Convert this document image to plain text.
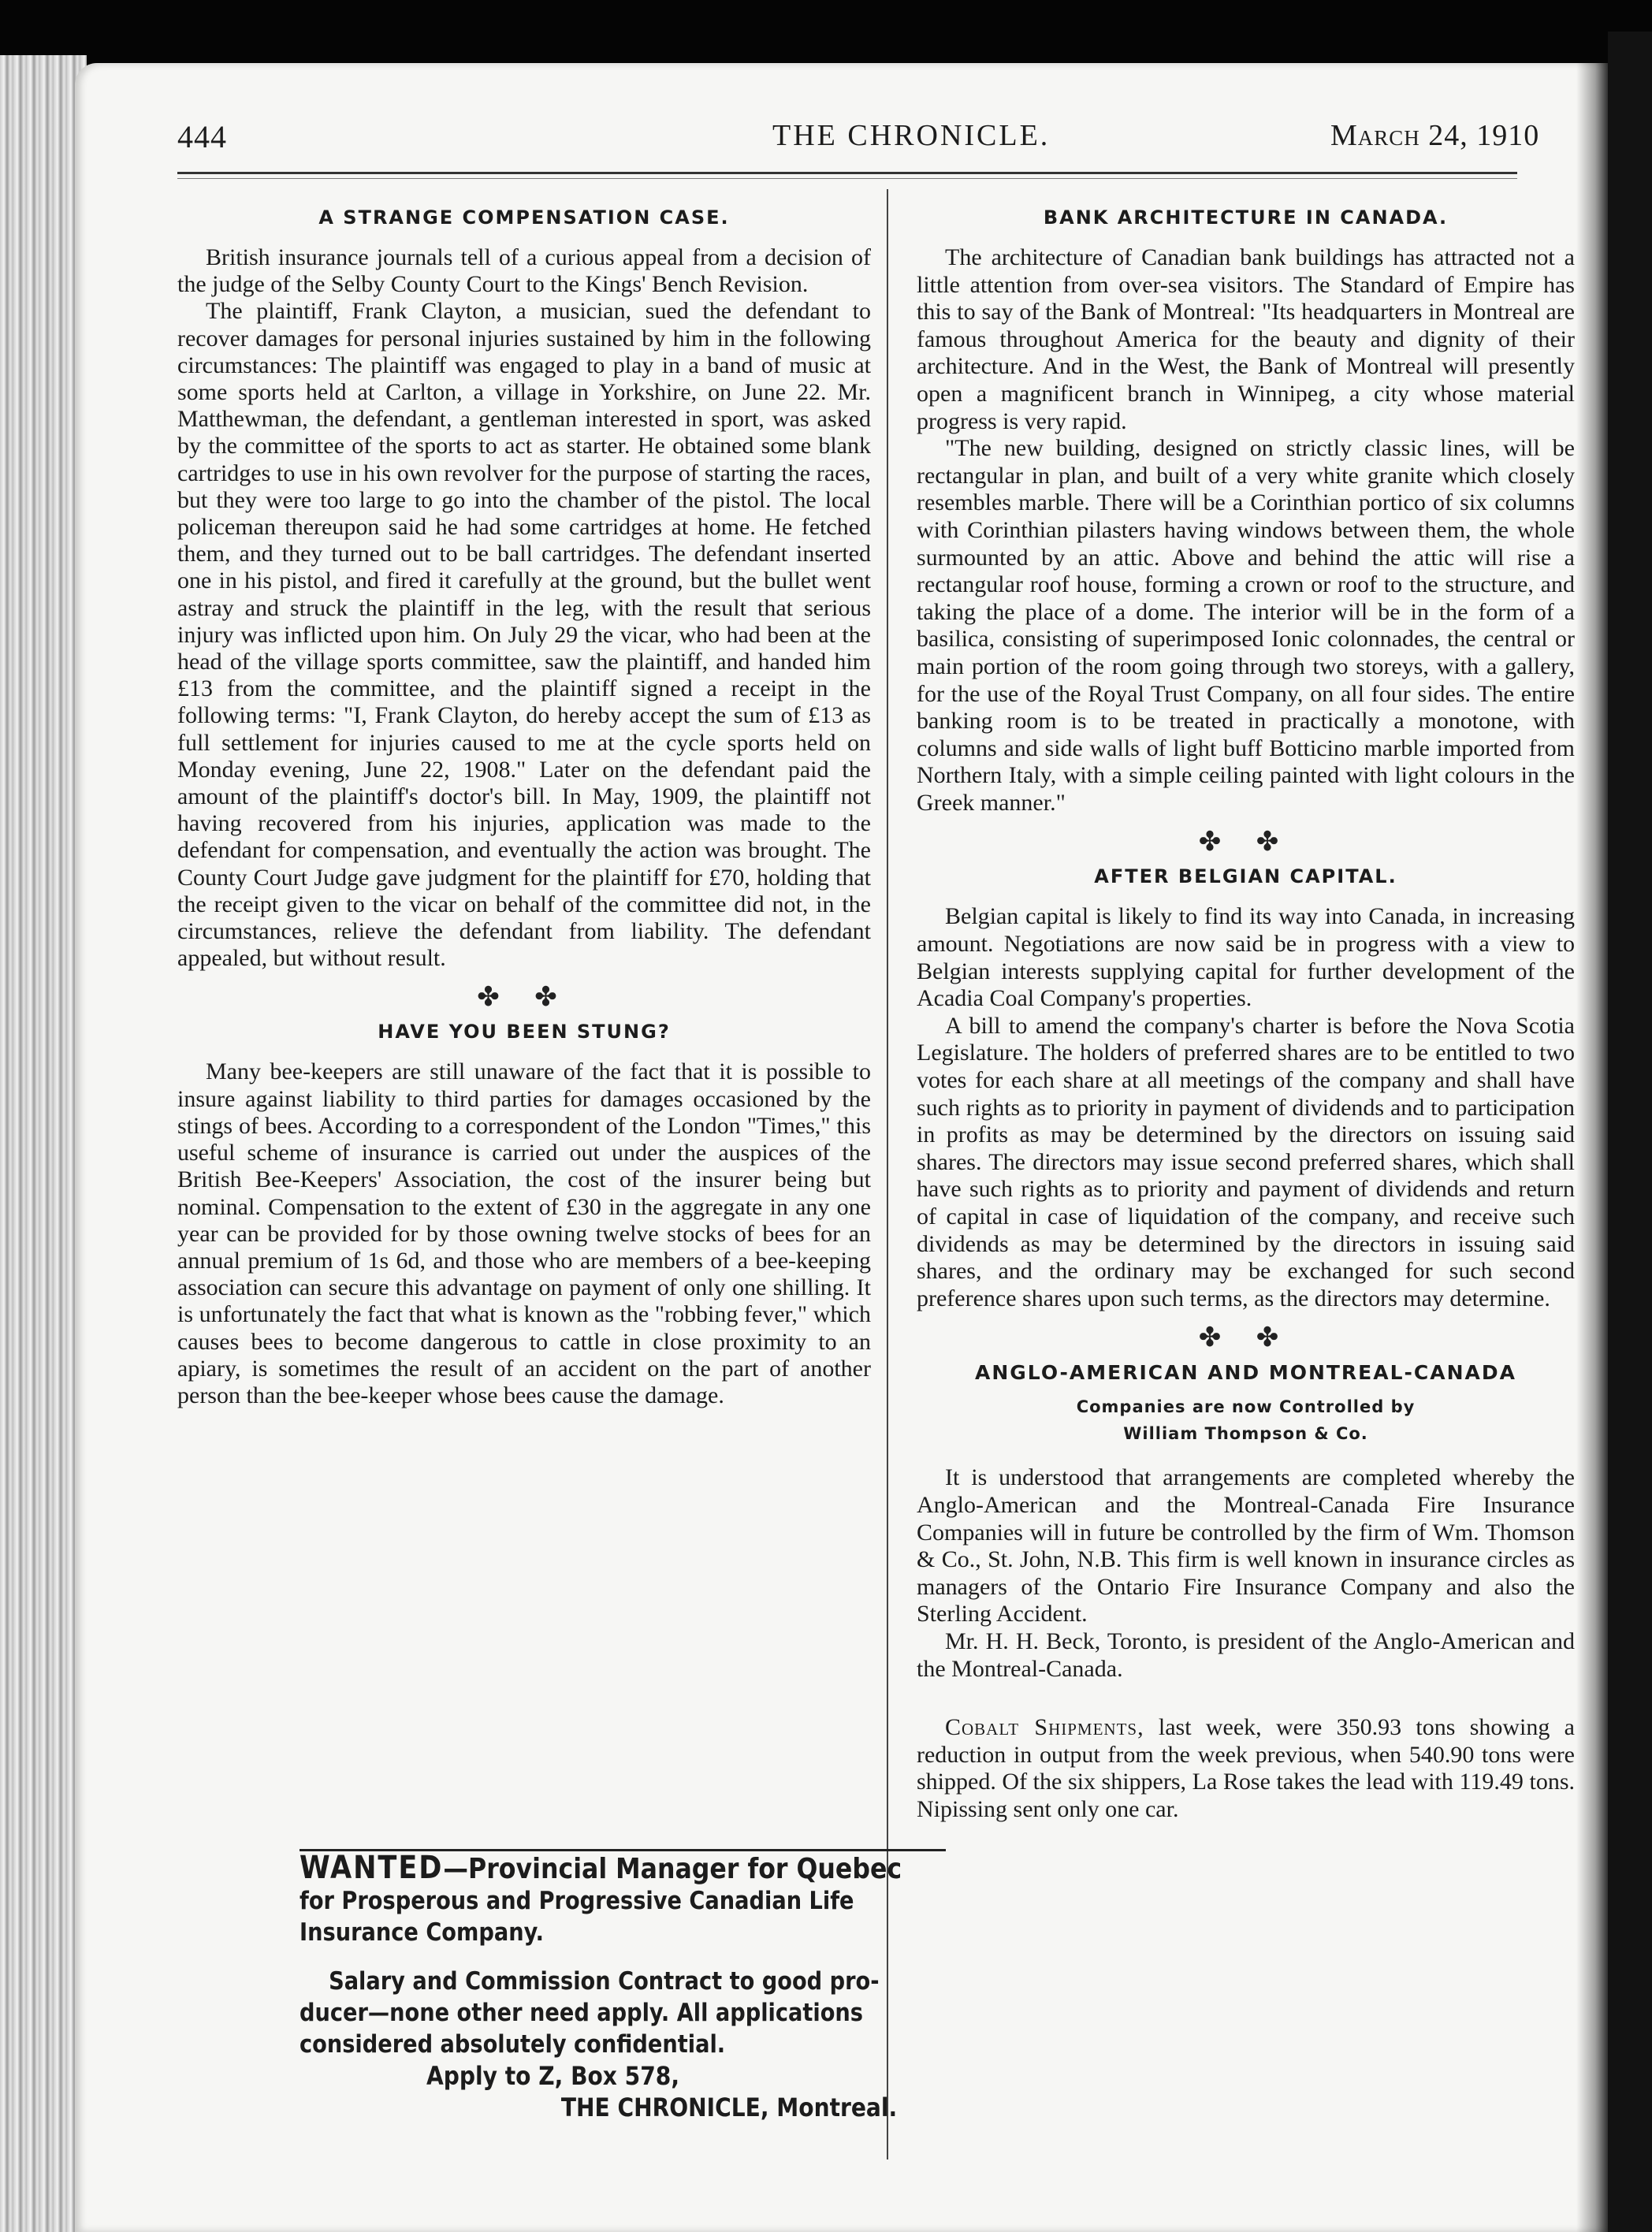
444	THE CHRONICLE.	March 24, 1910
A STRANGE COMPENSATION CASE.

British insurance journals tell of a curious appeal from a decision of the judge of the Selby County Court to the Kings' Bench Revision.

The plaintiff, Frank Clayton, a musician, sued the defendant to recover damages for personal injuries sustained by him in the following circumstances: The plaintiff was engaged to play in a band of music at some sports held at Carlton, a village in Yorkshire, on June 22. Mr. Matthewman, the defendant, a gentleman interested in sport, was asked by the committee of the sports to act as starter. He obtained some blank cartridges to use in his own revolver for the purpose of starting the races, but they were too large to go into the chamber of the pistol. The local policeman thereupon said he had some cartridges at home. He fetched them, and they turned out to be ball cartridges. The defendant inserted one in his pistol, and fired it carefully at the ground, but the bullet went astray and struck the plaintiff in the leg, with the result that serious injury was inflicted upon him. On July 29 the vicar, who had been at the head of the village sports committee, saw the plaintiff, and handed him £13 from the committee, and the plaintiff signed a receipt in the following terms: "I, Frank Clayton, do hereby accept the sum of £13 as full settlement for injuries caused to me at the cycle sports held on Monday evening, June 22, 1908." Later on the defendant paid the amount of the plaintiff's doctor's bill. In May, 1909, the plaintiff not having recovered from his injuries, application was made to the defendant for compensation, and eventually the action was brought. The County Court Judge gave judgment for the plaintiff for £70, holding that the receipt given to the vicar on behalf of the committee did not, in the circumstances, relieve the defendant from liability. The defendant appealed, but without result.

✤ ✤
HAVE YOU BEEN STUNG?

Many bee-keepers are still unaware of the fact that it is possible to insure against liability to third parties for damages occasioned by the stings of bees. According to a correspondent of the London "Times," this useful scheme of insurance is carried out under the auspices of the British Bee-Keepers' Association, the cost of the insurer being but nominal. Compensation to the extent of £30 in the aggregate in any one year can be provided for by those owning twelve stocks of bees for an annual premium of 1s 6d, and those who are members of a bee-keeping association can secure this advantage on payment of only one shilling. It is unfortunately the fact that what is known as the "robbing fever," which causes bees to become dangerous to cattle in close proximity to an apiary, is sometimes the result of an accident on the part of another person than the bee-keeper whose bees cause the damage.

BANK ARCHITECTURE IN CANADA.

The architecture of Canadian bank buildings has attracted not a little attention from over-sea visitors. The Standard of Empire has this to say of the Bank of Montreal: "Its headquarters in Montreal are famous throughout America for the beauty and dignity of their architecture. And in the West, the Bank of Montreal will presently open a magnificent branch in Winnipeg, a city whose material progress is very rapid.

"The new building, designed on strictly classic lines, will be rectangular in plan, and built of a very white granite which closely resembles marble. There will be a Corinthian portico of six columns with Corinthian pilasters having windows between them, the whole surmounted by an attic. Above and behind the attic will rise a rectangular roof house, forming a crown or roof to the structure, and taking the place of a dome. The interior will be in the form of a basilica, consisting of superimposed Ionic colonnades, the central or main portion of the room going through two storeys, with a gallery, for the use of the Royal Trust Company, on all four sides. The entire banking room is to be treated in practically a monotone, with columns and side walls of light buff Botticino marble imported from Northern Italy, with a simple ceiling painted with light colours in the Greek manner."

✤ ✤
AFTER BELGIAN CAPITAL.

Belgian capital is likely to find its way into Canada, in increasing amount. Negotiations are now said be in progress with a view to Belgian interests supplying capital for further development of the Acadia Coal Company's properties.

A bill to amend the company's charter is before the Nova Scotia Legislature. The holders of preferred shares are to be entitled to two votes for each share at all meetings of the company and shall have such rights as to priority in payment of dividends and to participation in profits as may be determined by the directors on issuing said shares. The directors may issue second preferred shares, which shall have such rights as to priority and payment of dividends and return of capital in case of liquidation of the company, and receive such dividends as may be determined by the directors in issuing said shares, and the ordinary may be exchanged for such second preference shares upon such terms, as the directors may determine.

✤ ✤
ANGLO-AMERICAN AND MONTREAL-CANADA
Companies are now Controlled by
William Thompson & Co.

It is understood that arrangements are completed whereby the Anglo-American and the Montreal-Canada Fire Insurance Companies will in future be controlled by the firm of Wm. Thomson & Co., St. John, N.B. This firm is well known in insurance circles as managers of the Ontario Fire Insurance Company and also the Sterling Accident.

Mr. H. H. Beck, Toronto, is president of the Anglo-American and the Montreal-Canada.

Cobalt Shipments, last week, were 350.93 tons showing a reduction in output from the week previous, when 540.90 tons were shipped. Of the six shippers, La Rose takes the lead with 119.49 tons. Nipissing sent only one car.

WANTED—Provincial Manager for Quebec
for Prosperous and Progressive Canadian Life
Insurance Company.
Salary and Commission Contract to good pro-
ducer—none other need apply. All applications
considered absolutely confidential.
Apply to Z, Box 578,
THE CHRONICLE, Montreal.
